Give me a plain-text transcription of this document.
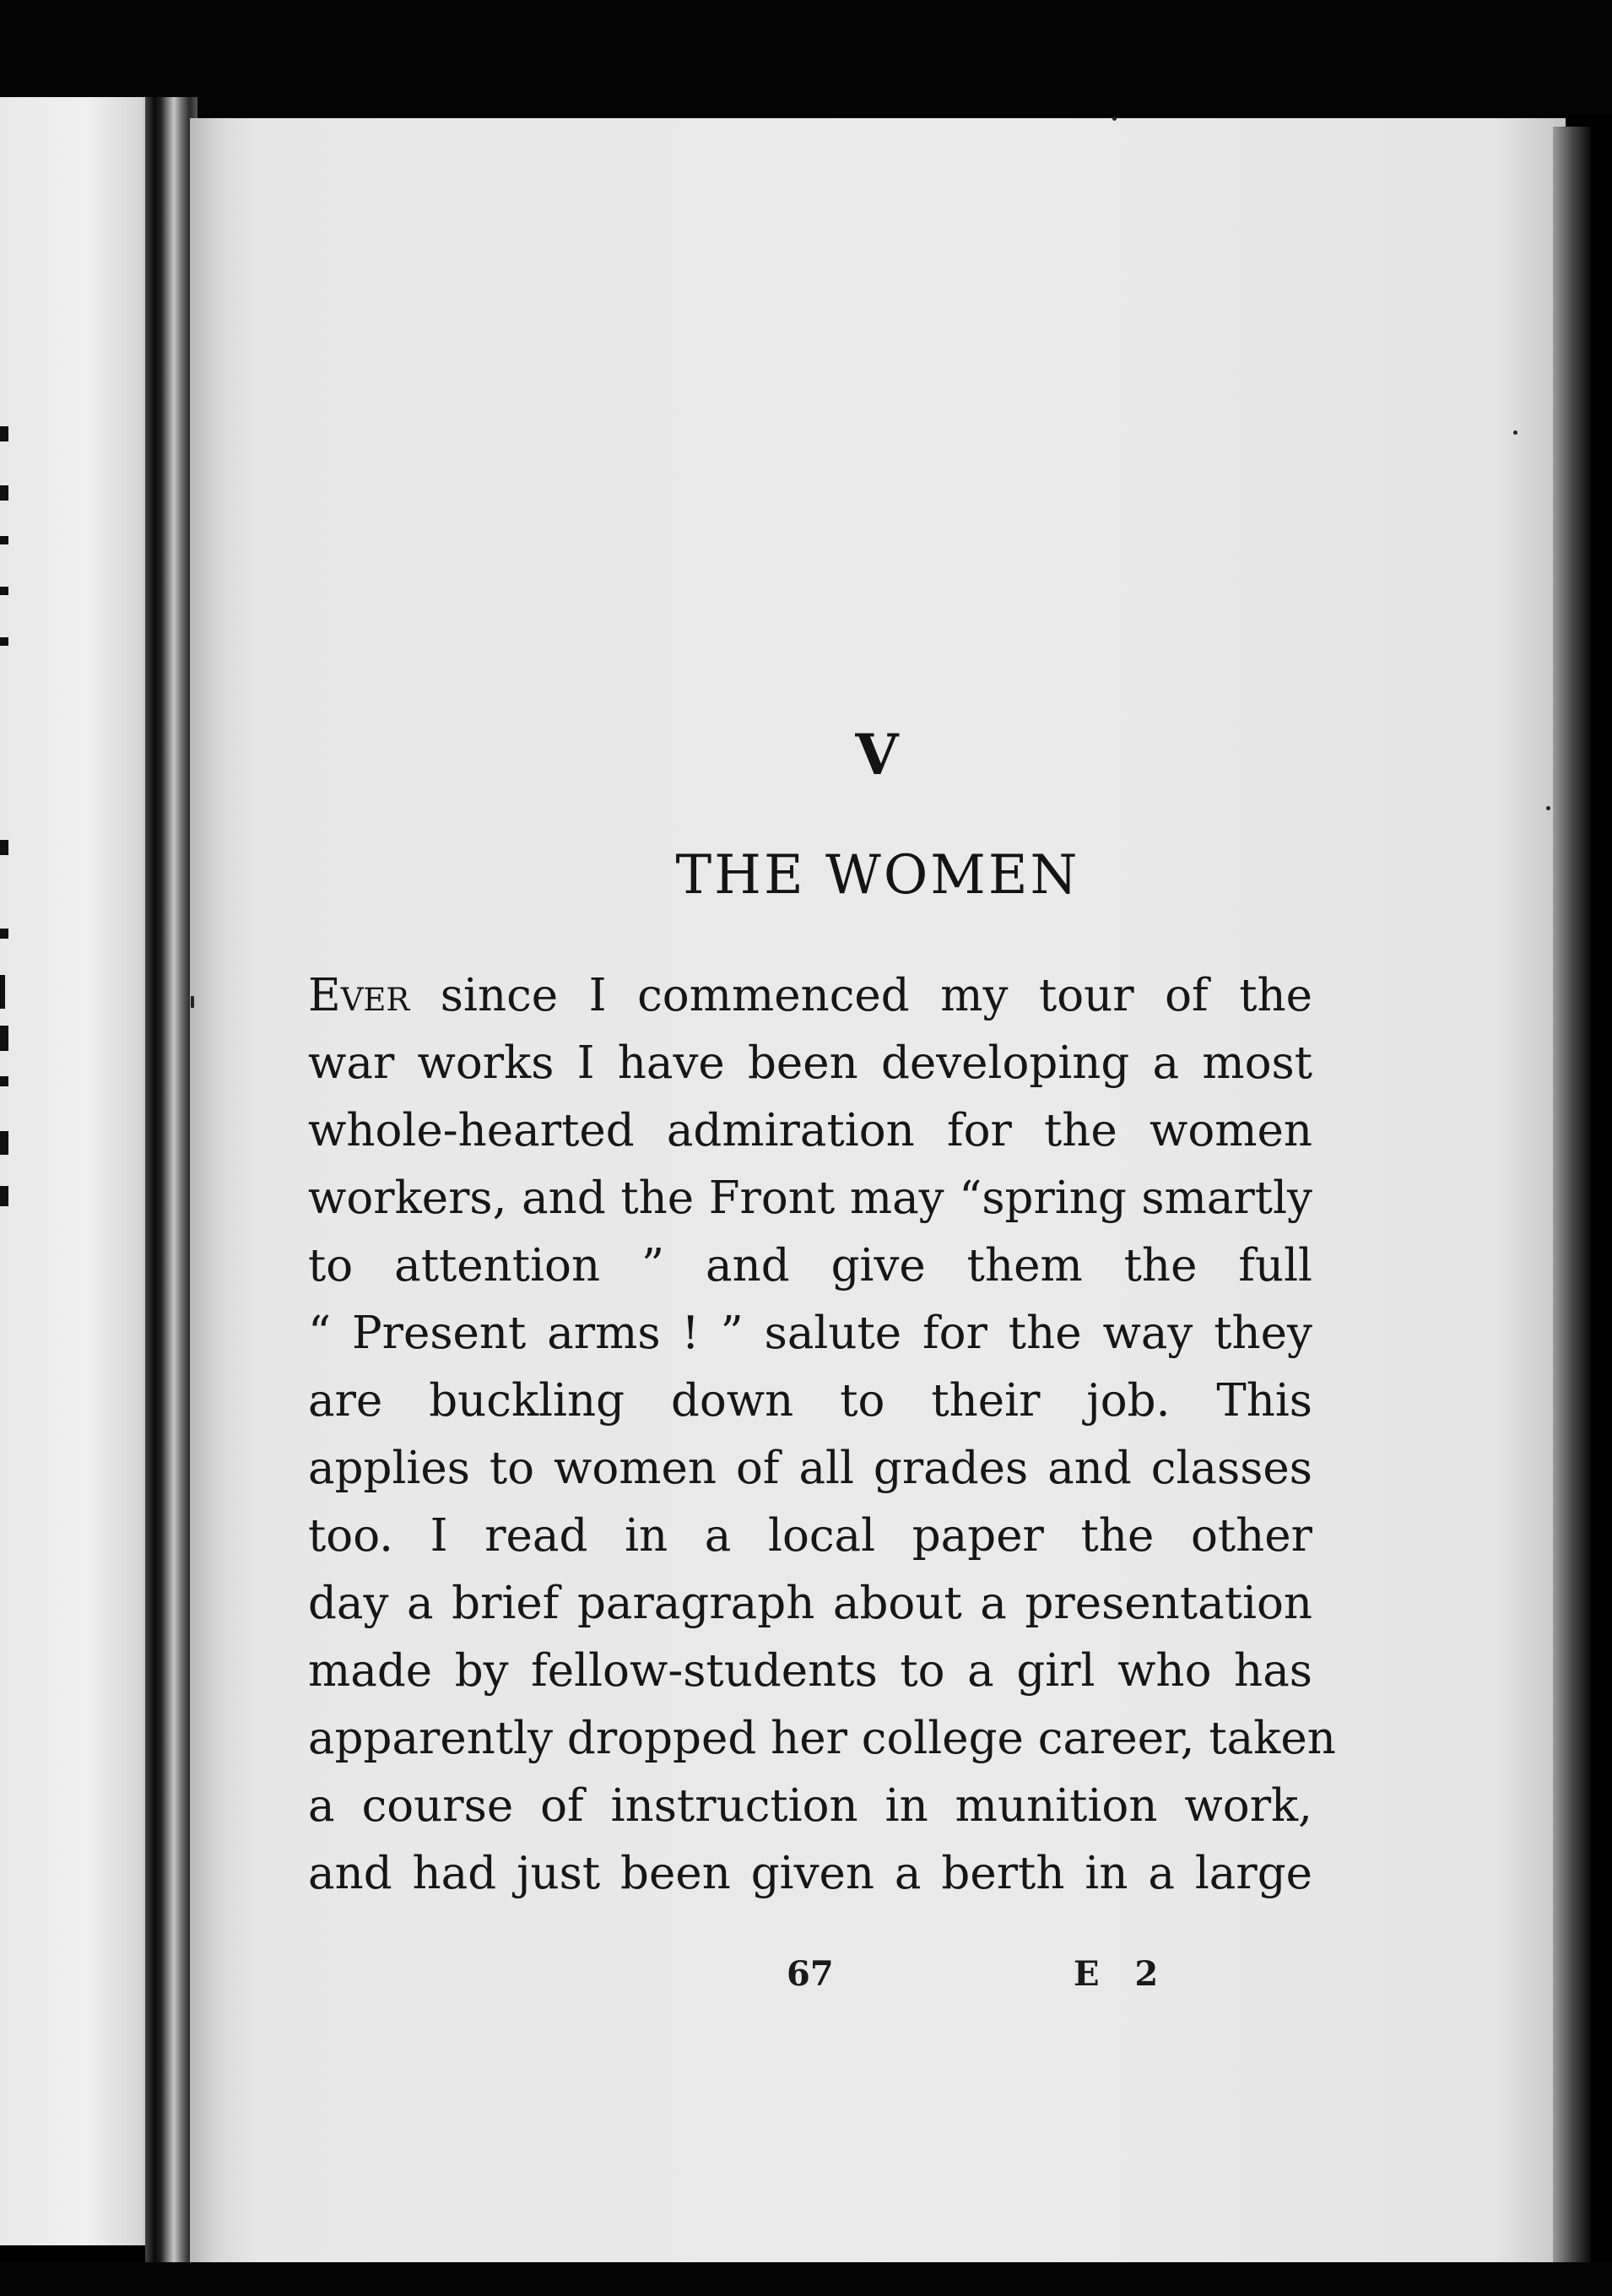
V
THE WOMEN
Ever since I commenced my tour of the
war works I have been developing a most
whole-hearted admiration for the women
workers, and the Front may “spring smartly
to attention ” and give them the full
“ Present arms ! ” salute for the way they
are buckling down to their job. This
applies to women of all grades and classes
too. I read in a local paper the other
day a brief paragraph about a presentation
made by fellow-students to a girl who has
apparently dropped her college career, taken
a course of instruction in munition work,
and had just been given a berth in a large
67	E 2
